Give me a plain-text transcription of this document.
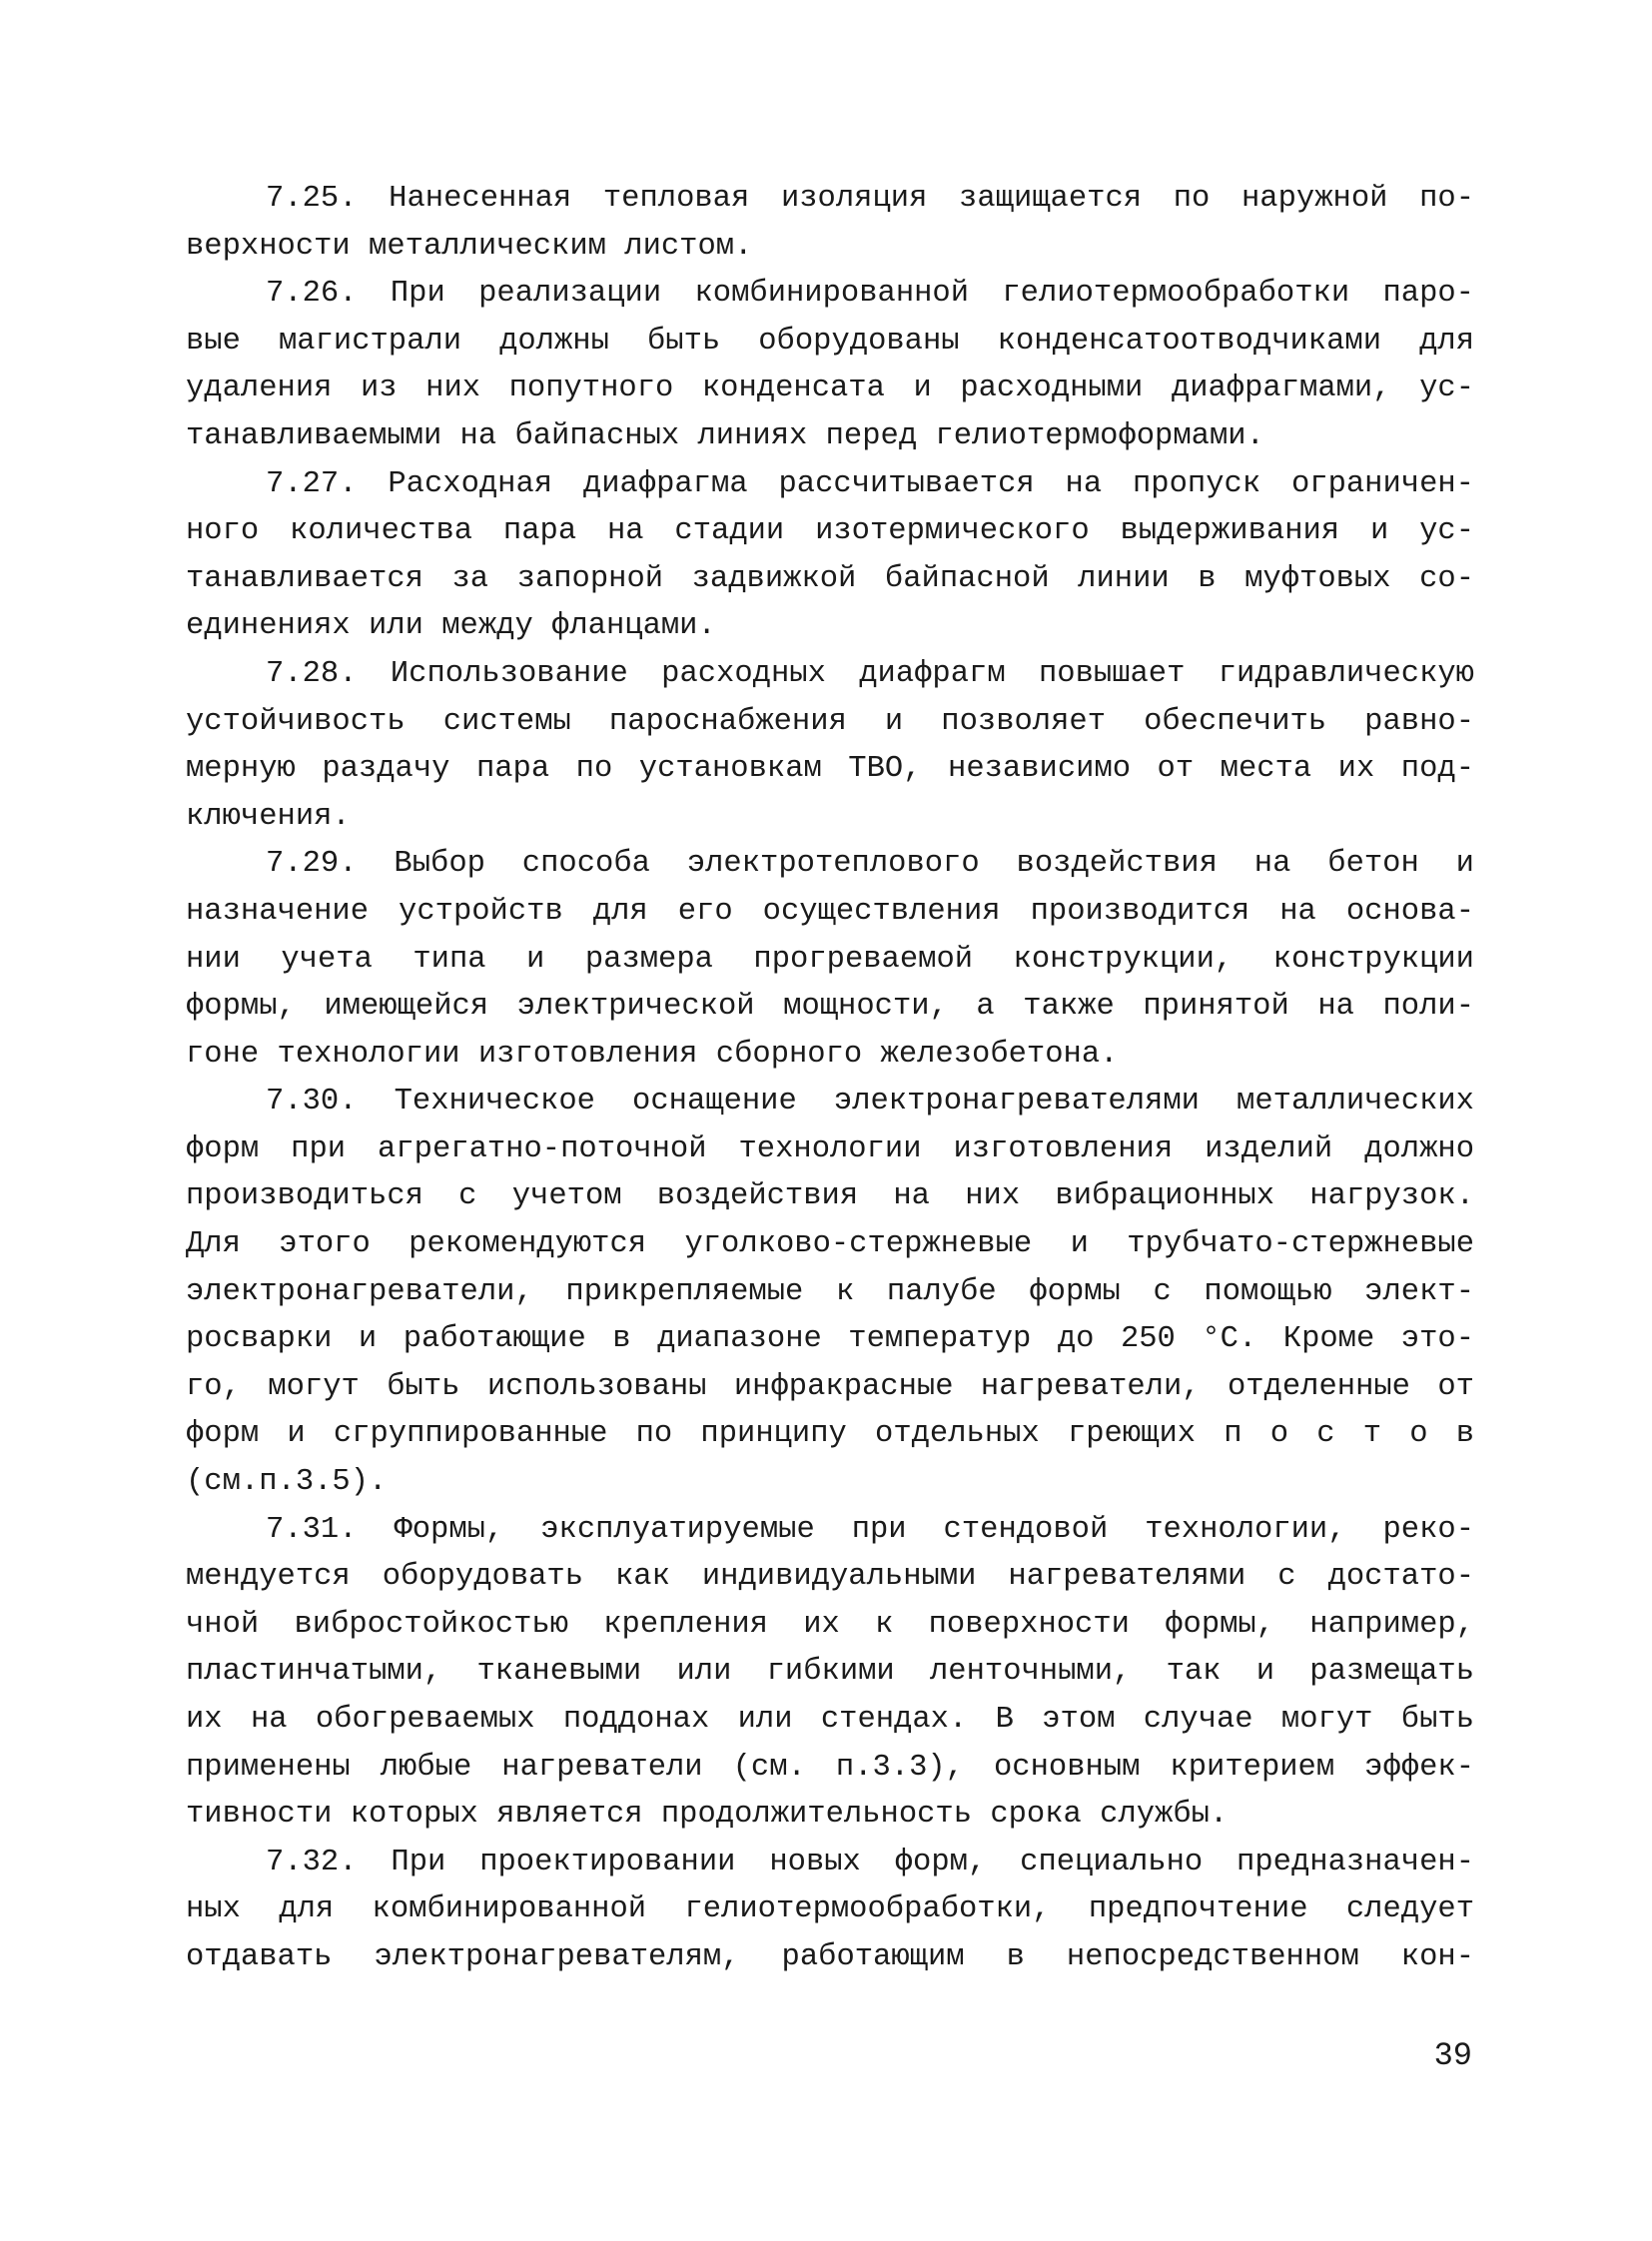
7.25. Нанесенная тепловая изоляция защищается по наружной по-
верхности металлическим листом.
7.26. При реализации комбинированной гелиотермообработки паро-
вые магистрали должны быть оборудованы конденсатоотводчиками для
удаления из них попутного конденсата и расходными диафрагмами, ус-
танавливаемыми на байпасных линиях перед гелиотермоформами.
7.27. Расходная диафрагма рассчитывается на пропуск ограничен-
ного количества пара на стадии изотермического выдерживания и ус-
танавливается за запорной задвижкой байпасной линии в муфтовых со-
единениях или между фланцами.
7.28. Использование расходных диафрагм повышает гидравлическую
устойчивость системы пароснабжения и позволяет обеспечить равно-
мерную раздачу пара по установкам ТВО, независимо от места их под-
ключения.
7.29. Выбор способа электротеплового воздействия на бетон и
назначение устройств для его осуществления производится на основа-
нии учета типа и размера прогреваемой конструкции, конструкции
формы, имеющейся электрической мощности, а также принятой на поли-
гоне технологии изготовления сборного железобетона.
7.30. Техническое оснащение электронагревателями металлических
форм при агрегатно-поточной технологии изготовления изделий должно
производиться с учетом воздействия на них вибрационных нагрузок.
Для этого рекомендуются уголково-стержневые и трубчато-стержневые
электронагреватели, прикрепляемые к палубе формы с помощью элект-
росварки и работающие в диапазоне температур до 250 °С. Кроме это-
го, могут быть использованы инфракрасные нагреватели, отделенные от
форм и сгруппированные по принципу отдельных греющих п о с т о в
(см.п.3.5).
7.31. Формы, эксплуатируемые при стендовой технологии, реко-
мендуется оборудовать как индивидуальными нагревателями с достато-
чной вибростойкостью крепления их к поверхности формы, например,
пластинчатыми, тканевыми или гибкими ленточными, так и размещать
их на обогреваемых поддонах или стендах. В этом случае могут быть
применены любые нагреватели (см. п.3.3), основным критерием эффек-
тивности которых является продолжительность срока службы.
7.32. При проектировании новых форм, специально предназначен-
ных для комбинированной гелиотермообработки, предпочтение следует
отдавать электронагревателям, работающим в непосредственном кон-
39
